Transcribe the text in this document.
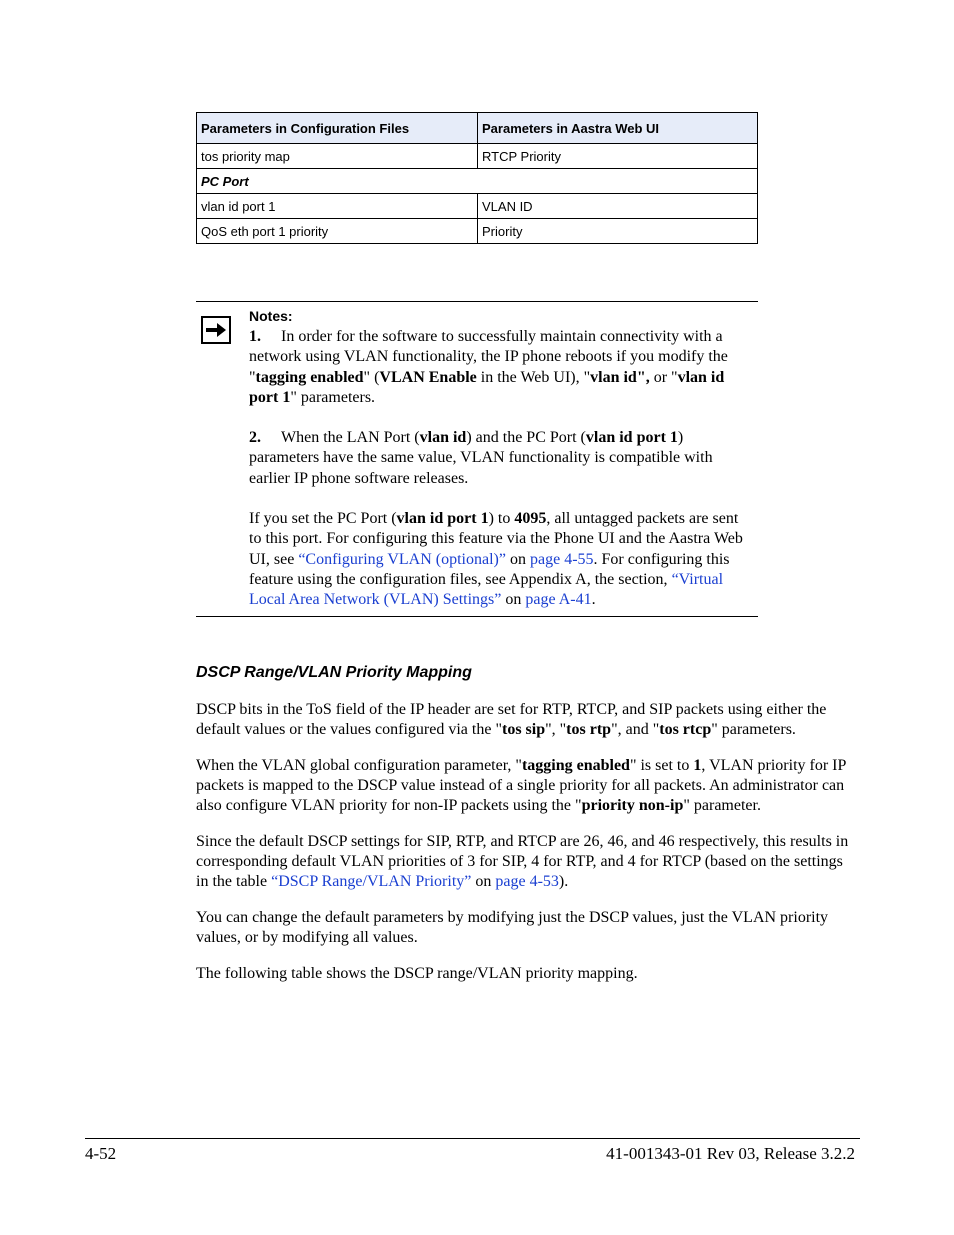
Parameters in Configuration Files	Parameters in Aastra Web UI
tos priority map	RTCP Priority
PC Port	
vlan id port 1	VLAN ID
QoS eth port 1 priority	Priority
Notes:

1. In order for the software to successfully maintain connectivity with a network using VLAN functionality, the IP phone reboots if you modify the "tagging enabled" (VLAN Enable in the Web UI), "vlan id", or "vlan id port 1" parameters.

2. When the LAN Port (vlan id) and the PC Port (vlan id port 1) parameters have the same value, VLAN functionality is compatible with earlier IP phone software releases.

If you set the PC Port (vlan id port 1) to 4095, all untagged packets are sent to this port. For configuring this feature via the Phone UI and the Aastra Web UI, see “Configuring VLAN (optional)” on page 4-55. For configuring this feature using the configuration files, see Appendix A, the section, “Virtual Local Area Network (VLAN) Settings” on page A-41.

DSCP Range/VLAN Priority Mapping

DSCP bits in the ToS field of the IP header are set for RTP, RTCP, and SIP packets using either the default values or the values configured via the "tos sip", "tos rtp", and "tos rtcp" parameters.

When the VLAN global configuration parameter, "tagging enabled" is set to 1, VLAN priority for IP packets is mapped to the DSCP value instead of a single priority for all packets. An administrator can also configure VLAN priority for non-IP packets using the "priority non-ip" parameter.

Since the default DSCP settings for SIP, RTP, and RTCP are 26, 46, and 46 respectively, this results in corresponding default VLAN priorities of 3 for SIP, 4 for RTP, and 4 for RTCP (based on the settings in the table “DSCP Range/VLAN Priority” on page 4-53).

You can change the default parameters by modifying just the DSCP values, just the VLAN priority values, or by modifying all values.

The following table shows the DSCP range/VLAN priority mapping.

4-52	41-001343-01 Rev 03, Release 3.2.2
